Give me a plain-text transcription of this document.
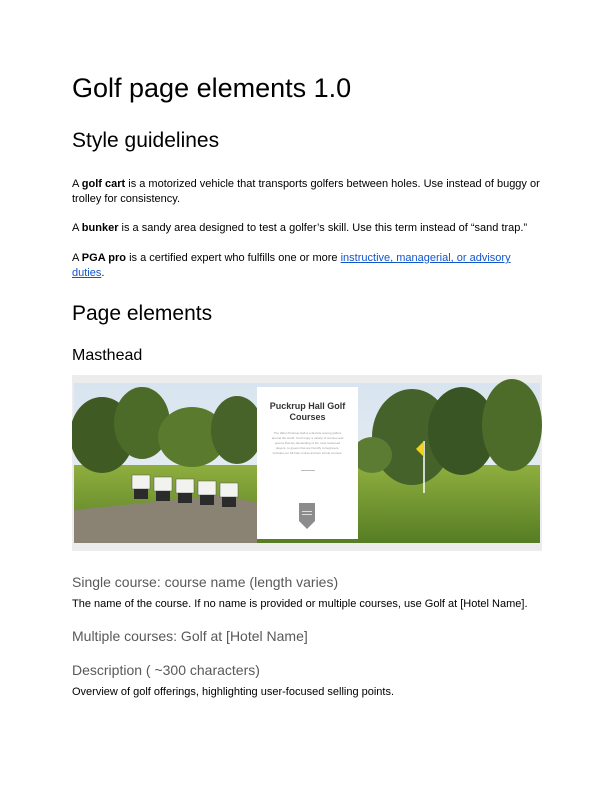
Golf page elements 1.0
Style guidelines

A golf cart is a motorized vehicle that transports golfers between holes. Use instead of buggy or trolley for consistency.

A bunker is a sandy area designed to test a golfer’s skill. Use this term instead of “sand trap.”

A PGA pro is a certified expert who fulfills one or more instructive, managerial, or advisory duties.

Page elements
Masthead
Puckrup Hall Golf Courses
The Hilton Puckrup Hall is a favorite among golfers around the world. You'll enjoy a variety of courses and greens that are demanding of the most seasoned players, to greens that are friendly to beginners. Includes our 18-hole course and two 9-hole courses.
Single course: course name (length varies)

The name of the course. If no name is provided or multiple courses, use Golf at [Hotel Name].

Multiple courses: Golf at [Hotel Name]
Description ( ~300 characters)

Overview of golf offerings, highlighting user-focused selling points.
